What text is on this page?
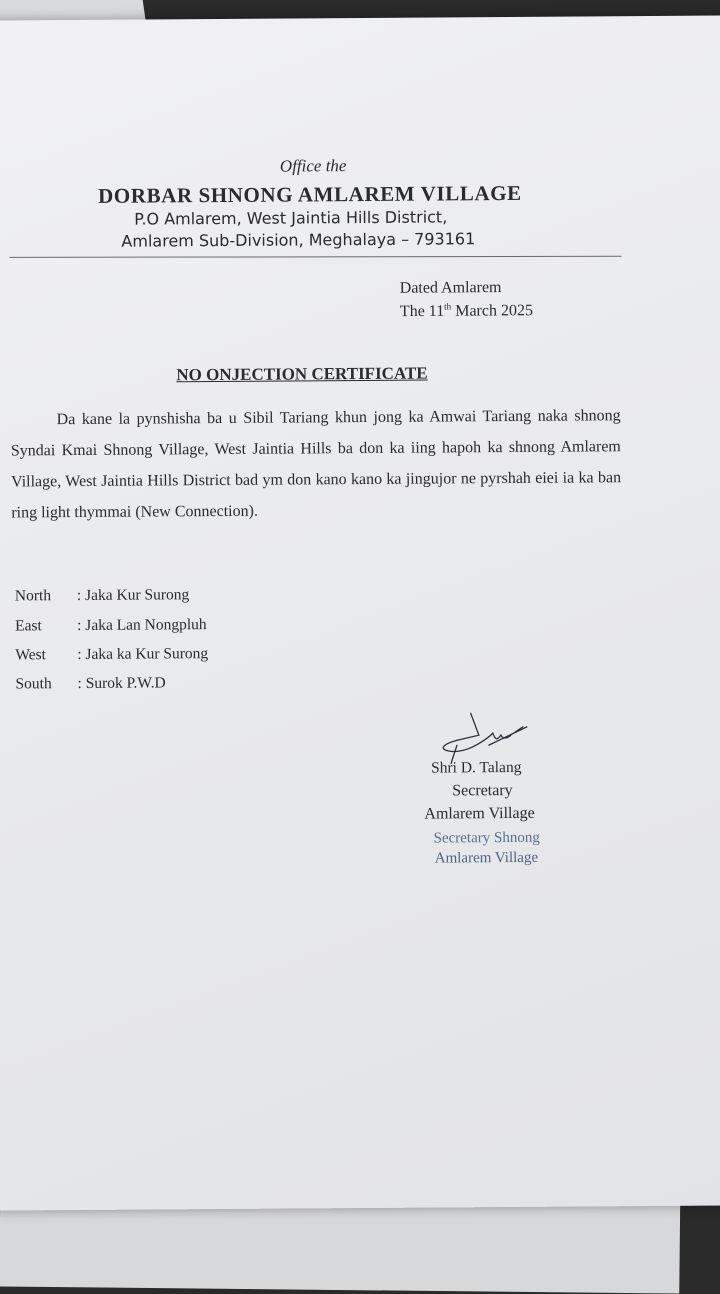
Office the
DORBAR SHNONG AMLAREM VILLAGE
P.O Amlarem, West Jaintia Hills District,
Amlarem Sub-Division, Meghalaya – 793161
Dated Amlarem
The 11th March 2025
NO ONJECTION CERTIFICATE
Da kane la pynshisha ba u Sibil Tariang khun jong ka Amwai Tariang naka shnong Syndai Kmai Shnong Village, West Jaintia Hills ba don ka iing hapoh ka shnong Amlarem Village, West Jaintia Hills District bad ym don kano kano ka jingujor ne pyrshah eiei ia ka ban ring light thymmai (New Connection).
North : Jaka Kur Surong
East : Jaka Lan Nongpluh
West : Jaka ka Kur Surong
South : Surok P.W.D
Shri D. Talang
Secretary
Amlarem Village
Secretary Shnong
Amlarem Village
